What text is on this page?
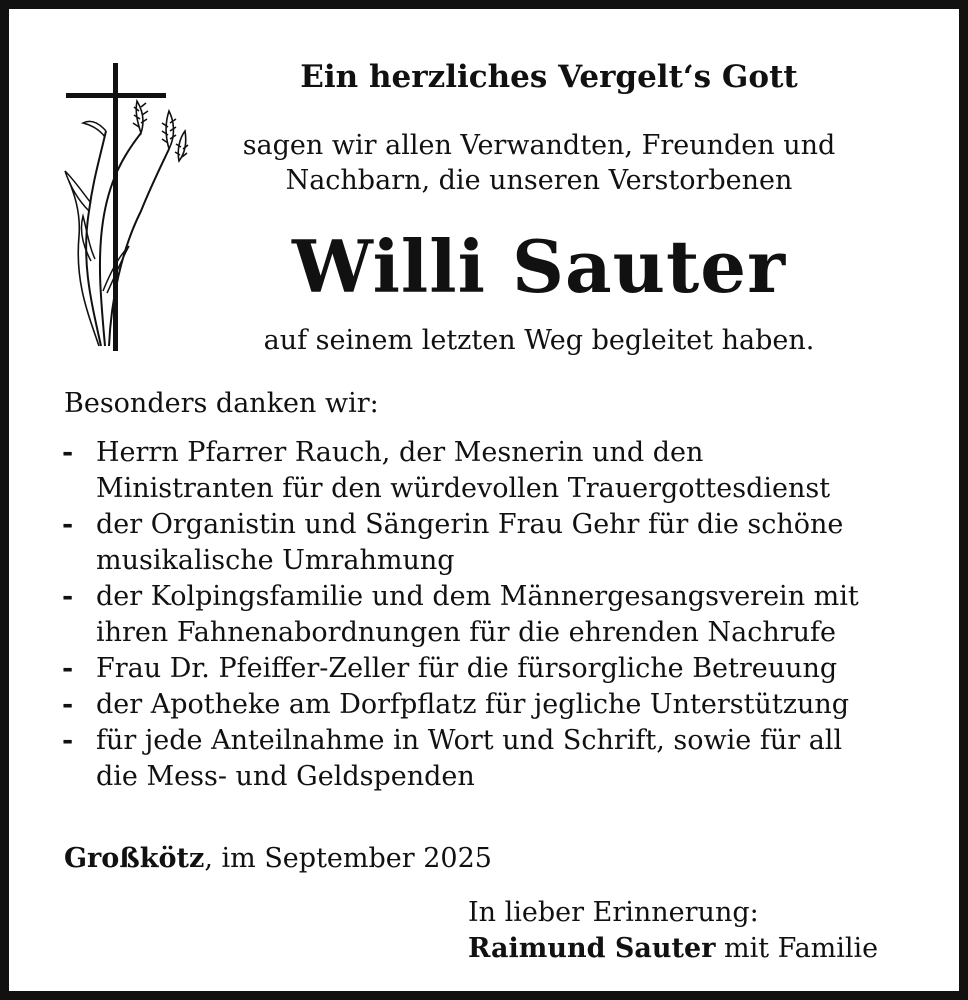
Ein herzliches Vergelt‘s Gott
sagen wir allen Verwandten, Freunden und
Nachbarn, die unseren Verstorbenen
Willi Sauter
auf seinem letzten Weg begleitet haben.
Besonders danken wir:
- Herrn Pfarrer Rauch, der Mesnerin und den
Ministranten für den würdevollen Trauergottesdienst
- der Organistin und Sängerin Frau Gehr für die schöne
musikalische Umrahmung
- der Kolpingsfamilie und dem Männergesangsverein mit
ihren Fahnenabordnungen für die ehrenden Nachrufe
- Frau Dr. Pfeiffer-Zeller für die fürsorgliche Betreuung
- der Apotheke am Dorfpflatz für jegliche Unterstützung
- für jede Anteilnahme in Wort und Schrift, sowie für all
die Mess- und Geldspenden
Großkötz, im September 2025
In lieber Erinnerung:
Raimund Sauter mit Familie
